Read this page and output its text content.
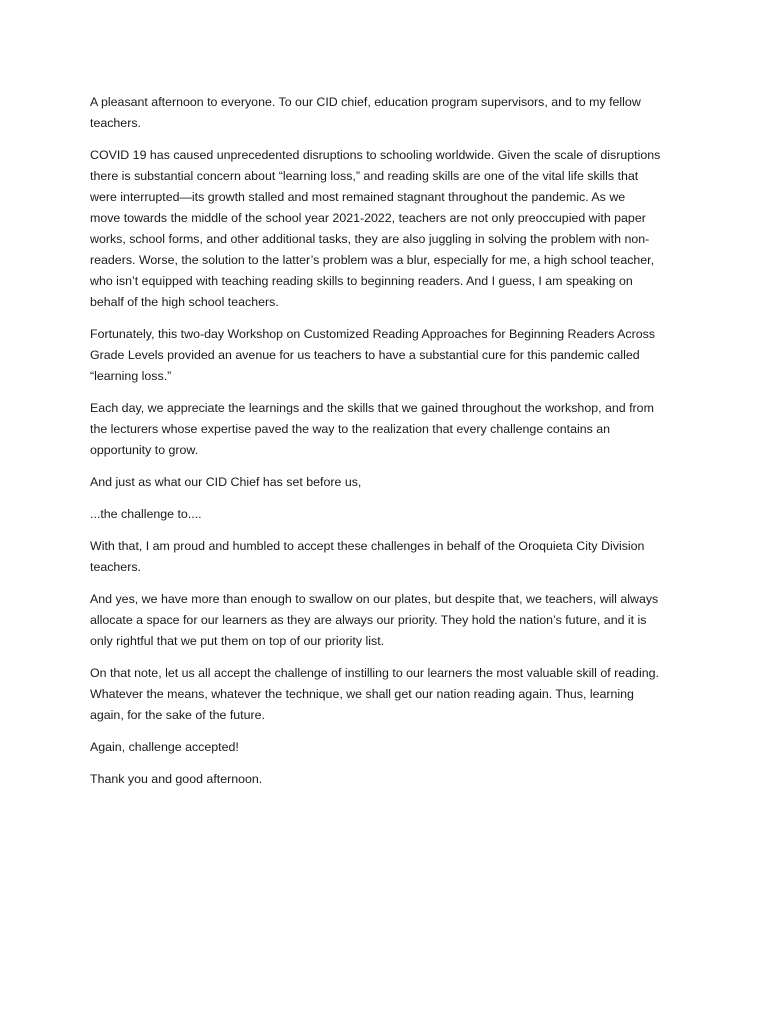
A pleasant afternoon to everyone. To our CID chief, education program supervisors, and to my fellow
teachers.

COVID 19 has caused unprecedented disruptions to schooling worldwide. Given the scale of disruptions
there is substantial concern about “learning loss,” and reading skills are one of the vital life skills that
were interrupted—its growth stalled and most remained stagnant throughout the pandemic. As we
move towards the middle of the school year 2021-2022, teachers are not only preoccupied with paper
works, school forms, and other additional tasks, they are also juggling in solving the problem with non-
readers. Worse, the solution to the latter’s problem was a blur, especially for me, a high school teacher,
who isn’t equipped with teaching reading skills to beginning readers. And I guess, I am speaking on
behalf of the high school teachers.

Fortunately, this two-day Workshop on Customized Reading Approaches for Beginning Readers Across
Grade Levels provided an avenue for us teachers to have a substantial cure for this pandemic called
“learning loss.”

Each day, we appreciate the learnings and the skills that we gained throughout the workshop, and from
the lecturers whose expertise paved the way to the realization that every challenge contains an
opportunity to grow.

And just as what our CID Chief has set before us,

...the challenge to....

With that, I am proud and humbled to accept these challenges in behalf of the Oroquieta City Division
teachers.

And yes, we have more than enough to swallow on our plates, but despite that, we teachers, will always
allocate a space for our learners as they are always our priority. They hold the nation’s future, and it is
only rightful that we put them on top of our priority list.

On that note, let us all accept the challenge of instilling to our learners the most valuable skill of reading.
Whatever the means, whatever the technique, we shall get our nation reading again. Thus, learning
again, for the sake of the future.

Again, challenge accepted!

Thank you and good afternoon.
